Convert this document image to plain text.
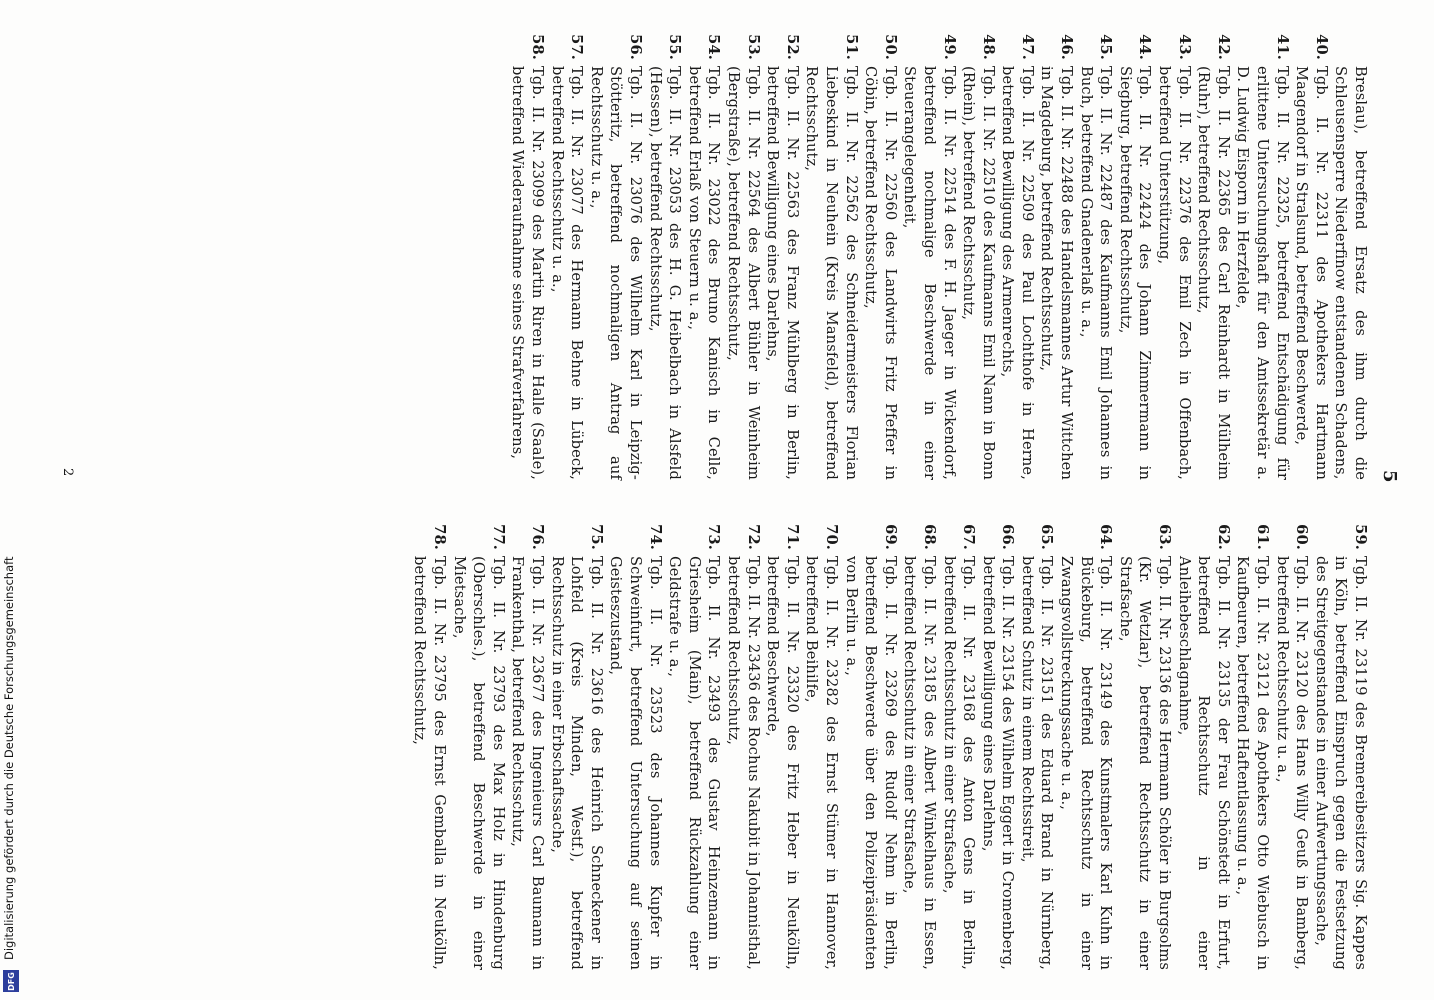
Digitalisierung gefördert durch die Deutsche Forschungsgemeinschaft
DFG
5
Breslau), betreffend Ersatz des ihm durch die Schleusensperre Niederfinow entstandenen Schadens,

40.
Tgb. II. Nr. 22311 des Apothekers Hartmann Maagendorf in Stralsund, betreffend Beschwerde,

41.
Tgb. II. Nr. 22325, betreffend Entschädigung für erlittene Untersuchungshaft für den Amtssekretär a. D. Ludwig Eisporn in Herzfelde,

42.
Tgb. II. Nr. 22365 des Carl Reinhardt in Mülheim (Ruhr), betreffend Rechtsschutz,

43.
Tgb. II. Nr. 22376 des Emil Zech in Offenbach, betreffend Unterstützung,

44.
Tgb. II. Nr. 22424 des Johann Zimmermann in Siegburg, betreffend Rechtsschutz,

45.
Tgb. II. Nr. 22487 des Kaufmanns Emil Johannes in Buch, betreffend Gnadenerlaß u. a.,

46.
Tgb. II. Nr. 22488 des Handelsmannes Artur Wittchen in Magdeburg, betreffend Rechtsschutz,

47.
Tgb. II. Nr. 22509 des Paul Lochthofe in Herne, betreffend Bewilligung des Armenrechts,

48.
Tgb. II. Nr. 22510 des Kaufmanns Emil Nann in Bonn (Rhein), betreffend Rechtsschutz,

49.
Tgb. II. Nr. 22514 des F. H. Jaeger in Wickendorf, betreffend nochmalige Beschwerde in einer Steuerangelegenheit,

50.
Tgb. II. Nr. 22560 des Landwirts Fritz Pfeffer in Cöbin, betreffend Rechtsschutz,

51.
Tgb. II. Nr. 22562 des Schneidermeisters Florian Liebeskind in Neuhein (Kreis Mansfeld), betreffend Rechtsschutz,

52.
Tgb. II. Nr. 22563 des Franz Mühlberg in Berlin, betreffend Bewilligung eines Darlehns,

53.
Tgb. II. Nr. 22564 des Albert Bühler in Weinheim (Bergstraße), betreffend Rechtsschutz,

54.
Tgb. II. Nr. 23022 des Bruno Kanisch in Celle, betreffend Erlaß von Steuern u. a.,

55.
Tgb. II. Nr. 23053 des H. G. Heibelbach in Alsfeld (Hessen), betreffend Rechtsschutz,

56.
Tgb. II. Nr. 23076 des Wilhelm Karl in Leipzig-Stötteritz, betreffend nochmaligen Antrag auf Rechtsschutz u. a.,

57.
Tgb. II. Nr. 23077 des Hermann Behne in Lübeck, betreffend Rechtsschutz u. a.,

58.
Tgb. II. Nr. 23099 des Martin Riren in Halle (Saale), betreffend Wiederaufnahme seines Strafverfahrens,

59.
Tgb. II. Nr. 23119 des Bremereibesitzers Sig. Kappes in Köln, betreffend Einspruch gegen die Festsetzung des Streitgegenstandes in einer Aufwertungssache,

60.
Tgb. II. Nr. 23120 des Hans Willy Geuß in Bamberg, betreffend Rechtsschutz u. a.,

61.
Tgb. II. Nr. 23121 des Apothekers Otto Wiebusch in Kaufbeuren, betreffend Haftentlassung u. a.,

62.
Tgb. II. Nr. 23135 der Frau Schönstedt in Erfurt, betreffend Rechtsschutz in einer Anleihebeschlagnahme,

63.
Tgb. II. Nr. 23136 des Hermann Schöler in Burgsolms (Kr. Wetzlar), betreffend Rechtsschutz in einer Strafsache,

64.
Tgb. II. Nr. 23149 des Kunstmalers Karl Kuhn in Bückeburg, betreffend Rechtsschutz in einer Zwangsvollstreckungssache u. a.,

65.
Tgb. II. Nr. 23151 des Eduard Brand in Nürnberg, betreffend Schutz in einem Rechtsstreit,

66.
Tgb. II. Nr. 23154 des Wilhelm Eggert in Cromenberg, betreffend Bewilligung eines Darlehns,

67.
Tgb. II. Nr. 23168 des Anton Gens in Berlin, betreffend Rechtsschutz in einer Strafsache,

68.
Tgb. II. Nr. 23185 des Albert Winkelhaus in Essen, betreffend Rechtsschutz in einer Strafsache,

69.
Tgb. II. Nr. 23269 des Rudolf Nehm in Berlin, betreffend Beschwerde über den Polizeipräsidenten von Berlin u. a.,

70.
Tgb. II. Nr. 23282 des Ernst Stümer in Hannover, betreffend Beihilfe,

71.
Tgb. II. Nr. 23320 des Fritz Heber in Neukölln, betreffend Beschwerde,

72.
Tgb. II. Nr. 23436 des Rochus Nakubit in Johannisthal, betreffend Rechtsschutz,

73.
Tgb. II. Nr. 23493 des Gustav Heinzemann in Griesheim (Main), betreffend Rückzahlung einer Geldstrafe u. a.,

74.
Tgb. II. Nr. 23523 des Johannes Kupfer in Schweinfurt, betreffend Untersuchung auf seinen Geisteszustand,

75.
Tgb. II. Nr. 23616 des Heinrich Schneckener in Lohfeld (Kreis Minden, Westf.), betreffend Rechtsschutz in einer Erbschaftssache,

76.
Tgb. II. Nr. 23677 des Ingenieurs Carl Baumann in Frankenthal, betreffend Rechtsschutz,

77.
Tgb. II. Nr. 23793 des Max Holz in Hindenburg (Oberschles.), betreffend Beschwerde in einer Mietsache,

78.
Tgb. II. Nr. 23795 des Ernst Gemballa in Neukölln, betreffend Rechtsschutz,

2
